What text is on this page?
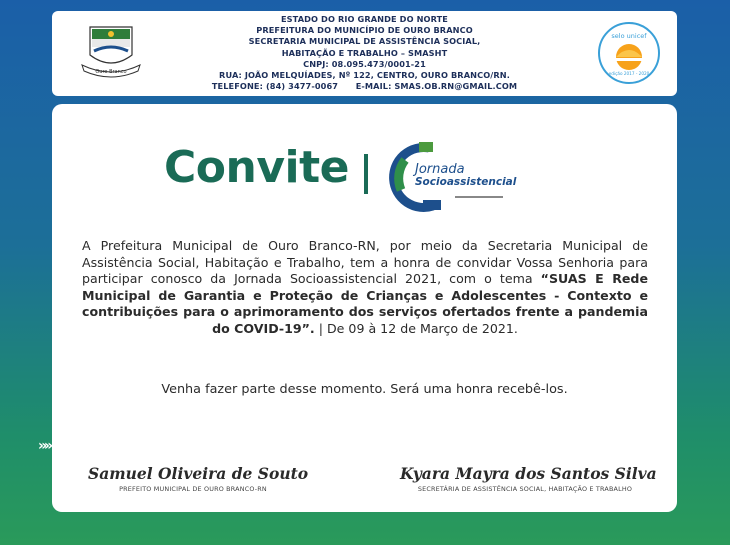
Ouro Branco
ESTADO DO RIO GRANDE DO NORTE
PREFEITURA DO MUNICÍPIO DE OURO BRANCO
SECRETARIA MUNICIPAL DE ASSISTÊNCIA SOCIAL,
HABITAÇÃO E TRABALHO – SMASHT
CNPJ: 08.095.473/0001-21
RUA: JOÃO MELQUÍADES, Nº 122, CENTRO, OURO BRANCO/RN.
TELEFONE: (84) 3477-0067      E-MAIL: SMAS.OB.RN@GMAIL.COM
selo unicef
edição 2017 - 2020
Convite	Jornada
Socioassistencial
A Prefeitura Municipal de Ouro Branco-RN, por meio da Secretaria Municipal de Assistência Social, Habitação e Trabalho, tem a honra de convidar Vossa Senhoria para participar conosco da Jornada Socioassistencial 2021, com o tema “SUAS E Rede Municipal de Garantia e Proteção de Crianças e Adolescentes - Contexto e contribuições para o aprimoramento dos serviços ofertados frente a pandemia do COVID-19”. | De 09 à 12 de Março de 2021.
Venha fazer parte desse momento. Será uma honra recebê-los.
Samuel Oliveira de Souto
PREFEITO MUNICIPAL DE OURO BRANCO-RN
Kyara Mayra dos Santos Silva
SECRETÁRIA DE ASSISTÊNCIA SOCIAL, HABITAÇÃO E TRABALHO
»»
